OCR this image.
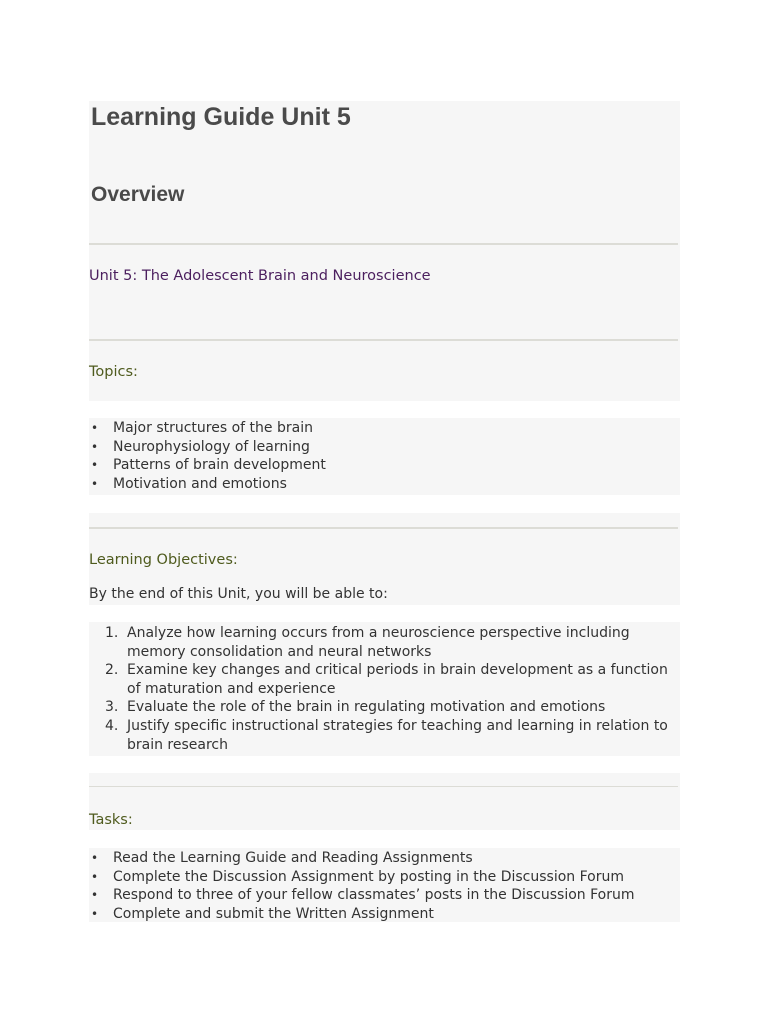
Learning Guide Unit 5
Overview
Unit 5: The Adolescent Brain and Neuroscience
Topics:
• Major structures of the brain
• Neurophysiology of learning
• Patterns of brain development
• Motivation and emotions
Learning Objectives:
By the end of this Unit, you will be able to:
1. Analyze how learning occurs from a neuroscience perspective including memory consolidation and neural networks
2. Examine key changes and critical periods in brain development as a function of maturation and experience
3. Evaluate the role of the brain in regulating motivation and emotions
4. Justify specific instructional strategies for teaching and learning in relation to brain research
Tasks:
• Read the Learning Guide and Reading Assignments
• Complete the Discussion Assignment by posting in the Discussion Forum
• Respond to three of your fellow classmates’ posts in the Discussion Forum
• Complete and submit the Written Assignment
